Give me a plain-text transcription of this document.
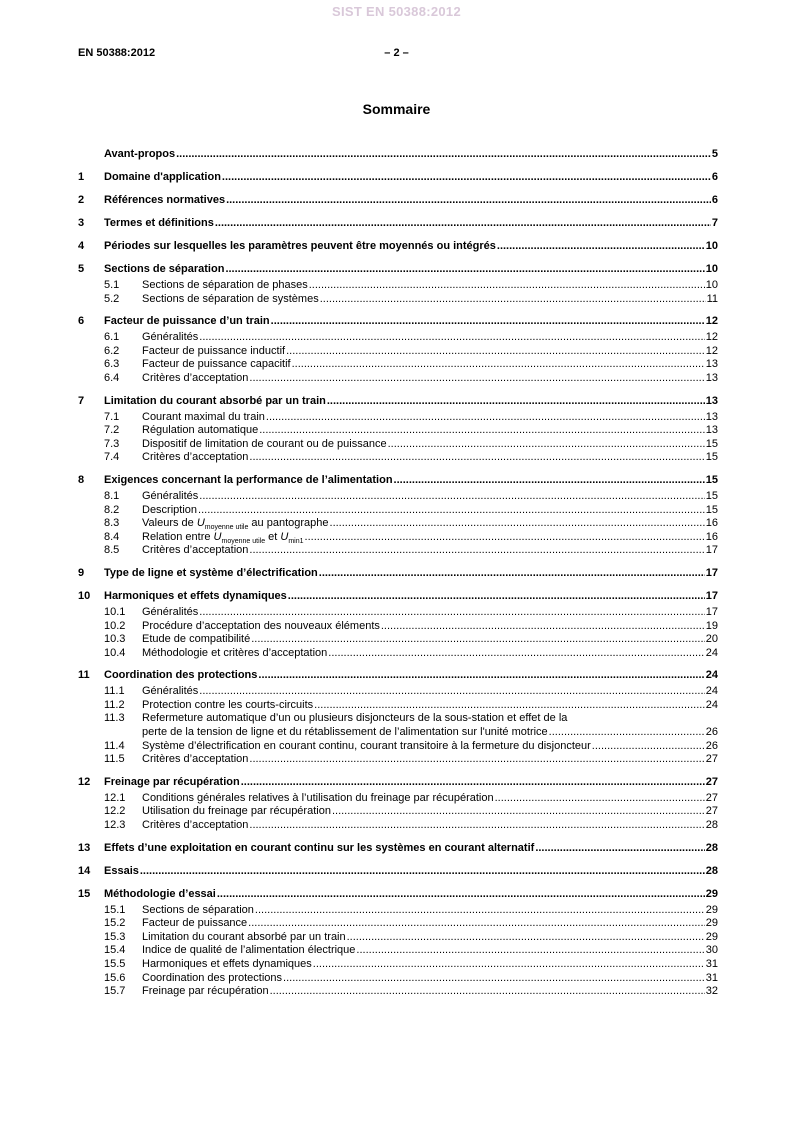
SIST EN 50388:2012
EN 50388:2012	– 2 –
Sommaire
Avant-propos .....	5
1	Domaine d'application .....	6
2	Références normatives .....	6
3	Termes et définitions .....	7
4	Périodes sur lesquelles les paramètres peuvent être moyennés ou intégrés .....	10
5	Sections de séparation .....	10
5.1	Sections de séparation de phases .....	10
5.2	Sections de séparation de systèmes .....	11
6	Facteur de puissance d’un train .....	12
6.1	Généralités .....	12
6.2	Facteur de puissance inductif .....	12
6.3	Facteur de puissance capacitif .....	13
6.4	Critères d’acceptation .....	13
7	Limitation du courant absorbé par un train .....	13
7.1	Courant maximal du train .....	13
7.2	Régulation automatique .....	13
7.3	Dispositif de limitation de courant ou de puissance .....	15
7.4	Critères d’acceptation .....	15
8	Exigences concernant la performance de l’alimentation .....	15
8.1	Généralités .....	15
8.2	Description .....	15
8.3	Valeurs de $U_{moyenne utile}$ au pantographe .....	16
8.4	Relation entre $U_{moyenne utile}$ et $U_{min1}$ .....	16
8.5	Critères d’acceptation .....	17
9	Type de ligne et système d’électrification .....	17
10	Harmoniques et effets dynamiques .....	17
10.1	Généralités .....	17
10.2	Procédure d’acceptation des nouveaux éléments .....	19
10.3	Etude de compatibilité .....	20
10.4	Méthodologie et critères d’acceptation .....	24
11	Coordination des protections .....	24
11.1	Généralités .....	24
11.2	Protection contre les courts-circuits .....	24
11.3	Refermeture automatique d’un ou plusieurs disjoncteurs de la sous-station et effet de la
perte de la tension de ligne et du rétablissement de l’alimentation sur l'unité motrice .....	26
11.4	Système d’électrification en courant continu, courant transitoire à la fermeture du disjoncteur .....	26
11.5	Critères d’acceptation .....	27
12	Freinage par récupération .....	27
12.1	Conditions générales relatives à l’utilisation du freinage par récupération .....	27
12.2	Utilisation du freinage par récupération .....	27
12.3	Critères d’acceptation .....	28
13	Effets d’une exploitation en courant continu sur les systèmes en courant alternatif .....	28
14	Essais .....	28
15	Méthodologie d’essai .....	29
15.1	Sections de séparation .....	29
15.2	Facteur de puissance .....	29
15.3	Limitation du courant absorbé par un train .....	29
15.4	Indice de qualité de l’alimentation électrique .....	30
15.5	Harmoniques et effets dynamiques .....	31
15.6	Coordination des protections .....	31
15.7	Freinage par récupération .....	32
